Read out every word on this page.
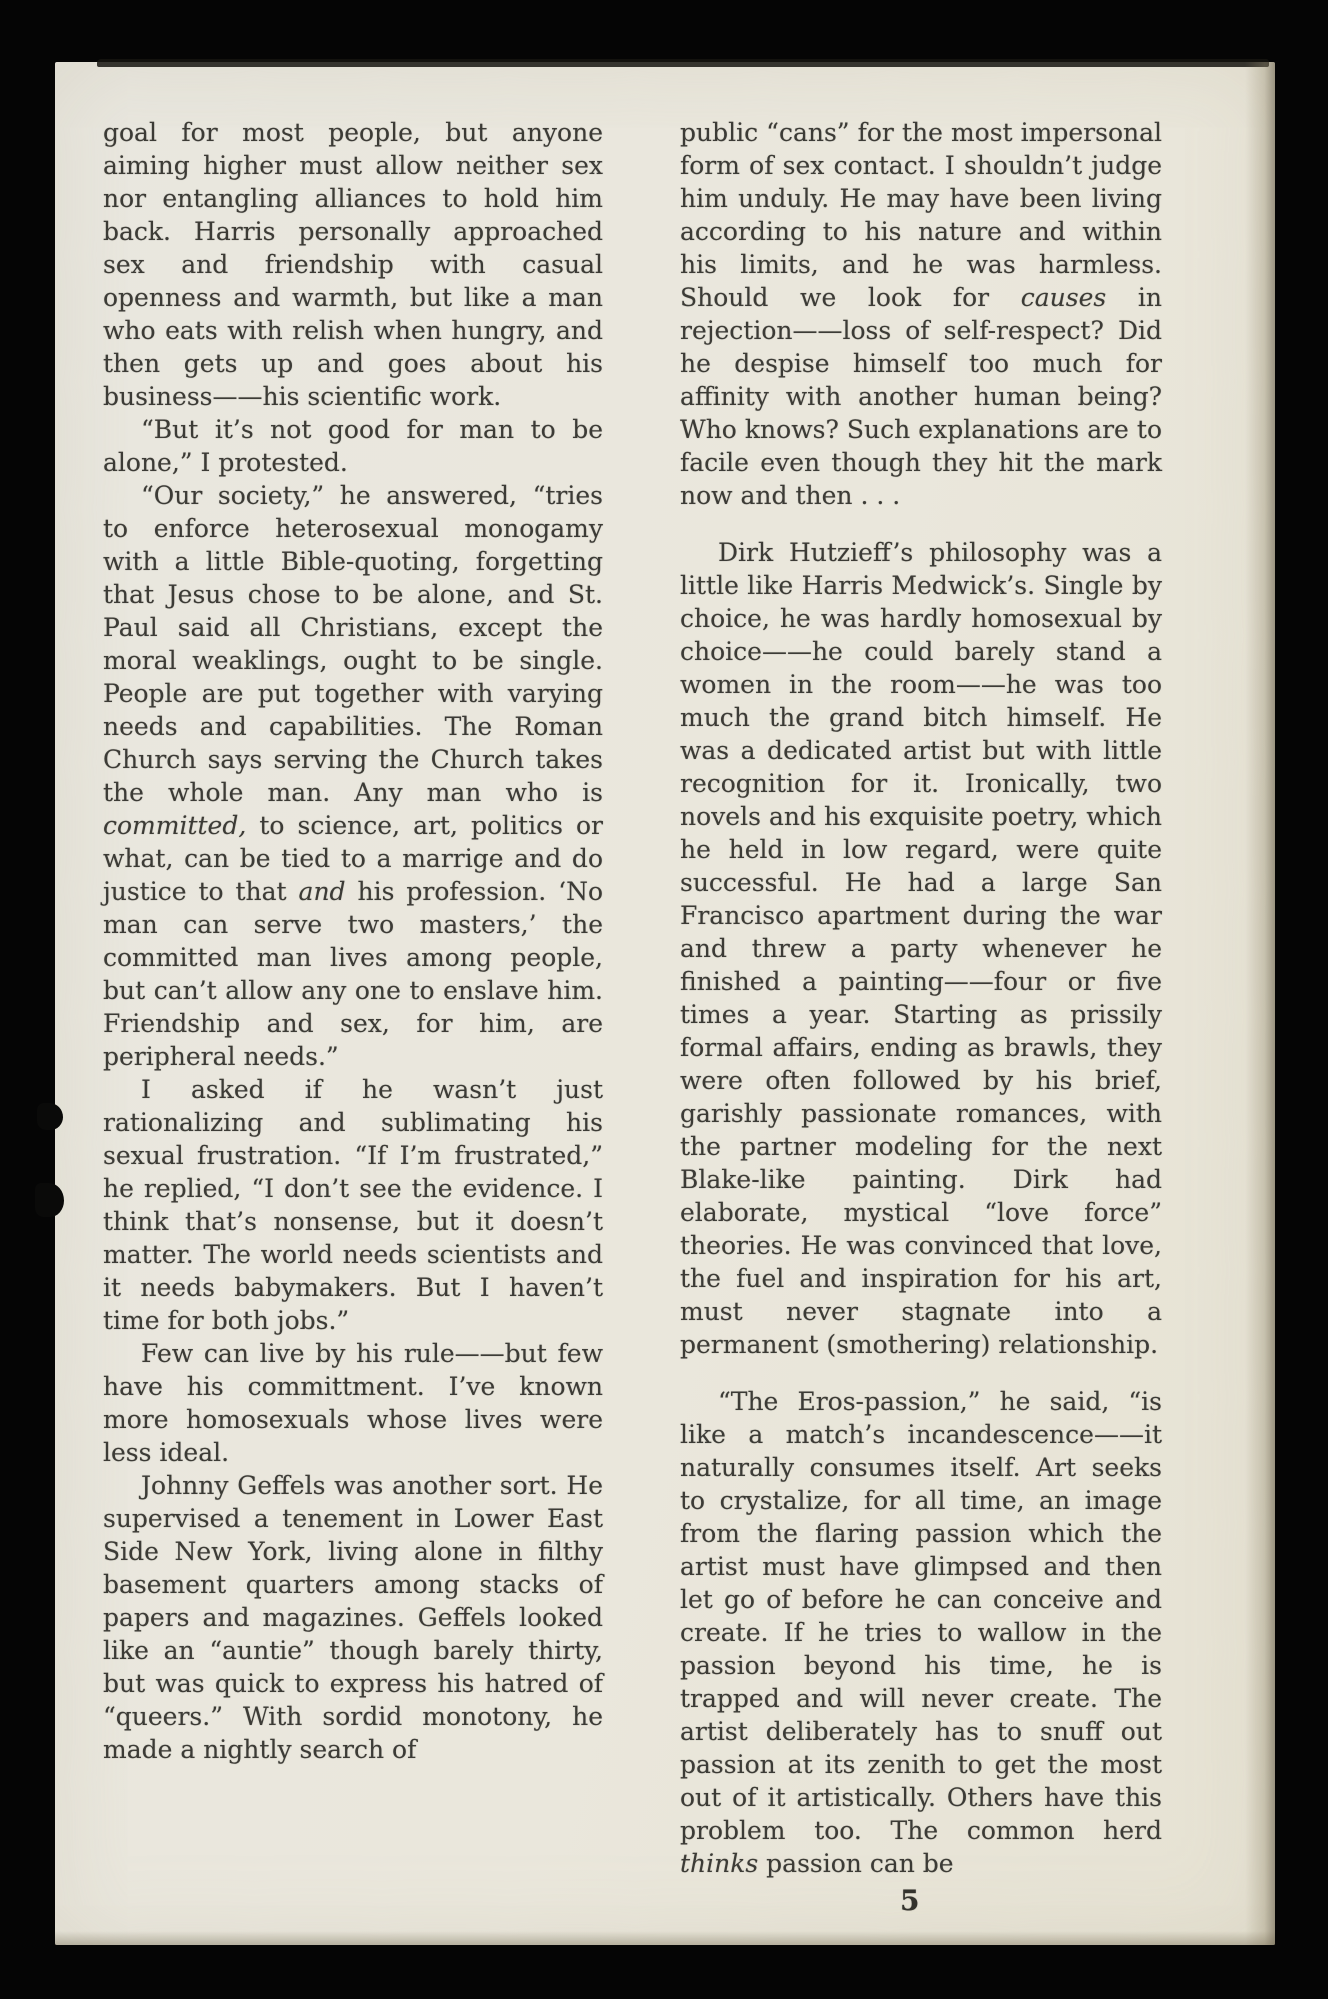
goal for most people, but anyone aiming higher must allow neither sex nor entangling alliances to hold him back. Harris personally approached sex and friendship with casual openness and warmth, but like a man who eats with relish when hungry, and then gets up and goes about his business——his scientific work.

“But it’s not good for man to be alone,” I protested.

“Our society,” he answered, “tries to enforce heterosexual monogamy with a little Bible-quoting, forgetting that Jesus chose to be alone, and St. Paul said all Christians, except the moral weaklings, ought to be single. People are put together with varying needs and capabilities. The Roman Church says serving the Church takes the whole man. Any man who is committed, to science, art, politics or what, can be tied to a marrige and do justice to that and his profession. ‘No man can serve two masters,’ the committed man lives among people, but can’t allow any one to enslave him. Friendship and sex, for him, are peripheral needs.”

I asked if he wasn’t just rationalizing and sublimating his sexual frustration. “If I’m frustrated,” he replied, “I don’t see the evidence. I think that’s nonsense, but it doesn’t matter. The world needs scientists and it needs babymakers. But I haven’t time for both jobs.”

Few can live by his rule——but few have his committment. I’ve known more homosexuals whose lives were less ideal.

Johnny Geffels was another sort. He supervised a tenement in Lower East Side New York, living alone in filthy basement quarters among stacks of papers and magazines. Geffels looked like an “auntie” though barely thirty, but was quick to express his hatred of “queers.” With sordid monotony, he made a nightly search of

public “cans” for the most impersonal form of sex contact. I shouldn’t judge him unduly. He may have been living according to his nature and within his limits, and he was harmless. Should we look for causes in rejection——loss of self-respect? Did he despise himself too much for affinity with another human being? Who knows? Such explanations are to facile even though they hit the mark now and then . . .

Dirk Hutzieff’s philosophy was a little like Harris Medwick’s. Single by choice, he was hardly homosexual by choice——he could barely stand a women in the room——he was too much the grand bitch himself. He was a dedicated artist but with little recognition for it. Ironically, two novels and his exquisite poetry, which he held in low regard, were quite successful. He had a large San Francisco apartment during the war and threw a party whenever he finished a painting——four or five times a year. Starting as prissily formal affairs, ending as brawls, they were often followed by his brief, garishly passionate romances, with the partner modeling for the next Blake-like painting. Dirk had elaborate, mystical “love force” theories. He was convinced that love, the fuel and inspiration for his art, must never stagnate into a permanent (smothering) relationship.

“The Eros-passion,” he said, “is like a match’s incandescence——it naturally consumes itself. Art seeks to crystalize, for all time, an image from the flaring passion which the artist must have glimpsed and then let go of before he can conceive and create. If he tries to wallow in the passion beyond his time, he is trapped and will never create. The artist deliberately has to snuff out passion at its zenith to get the most out of it artistically. Others have this problem too. The common herd thinks passion can be

5
